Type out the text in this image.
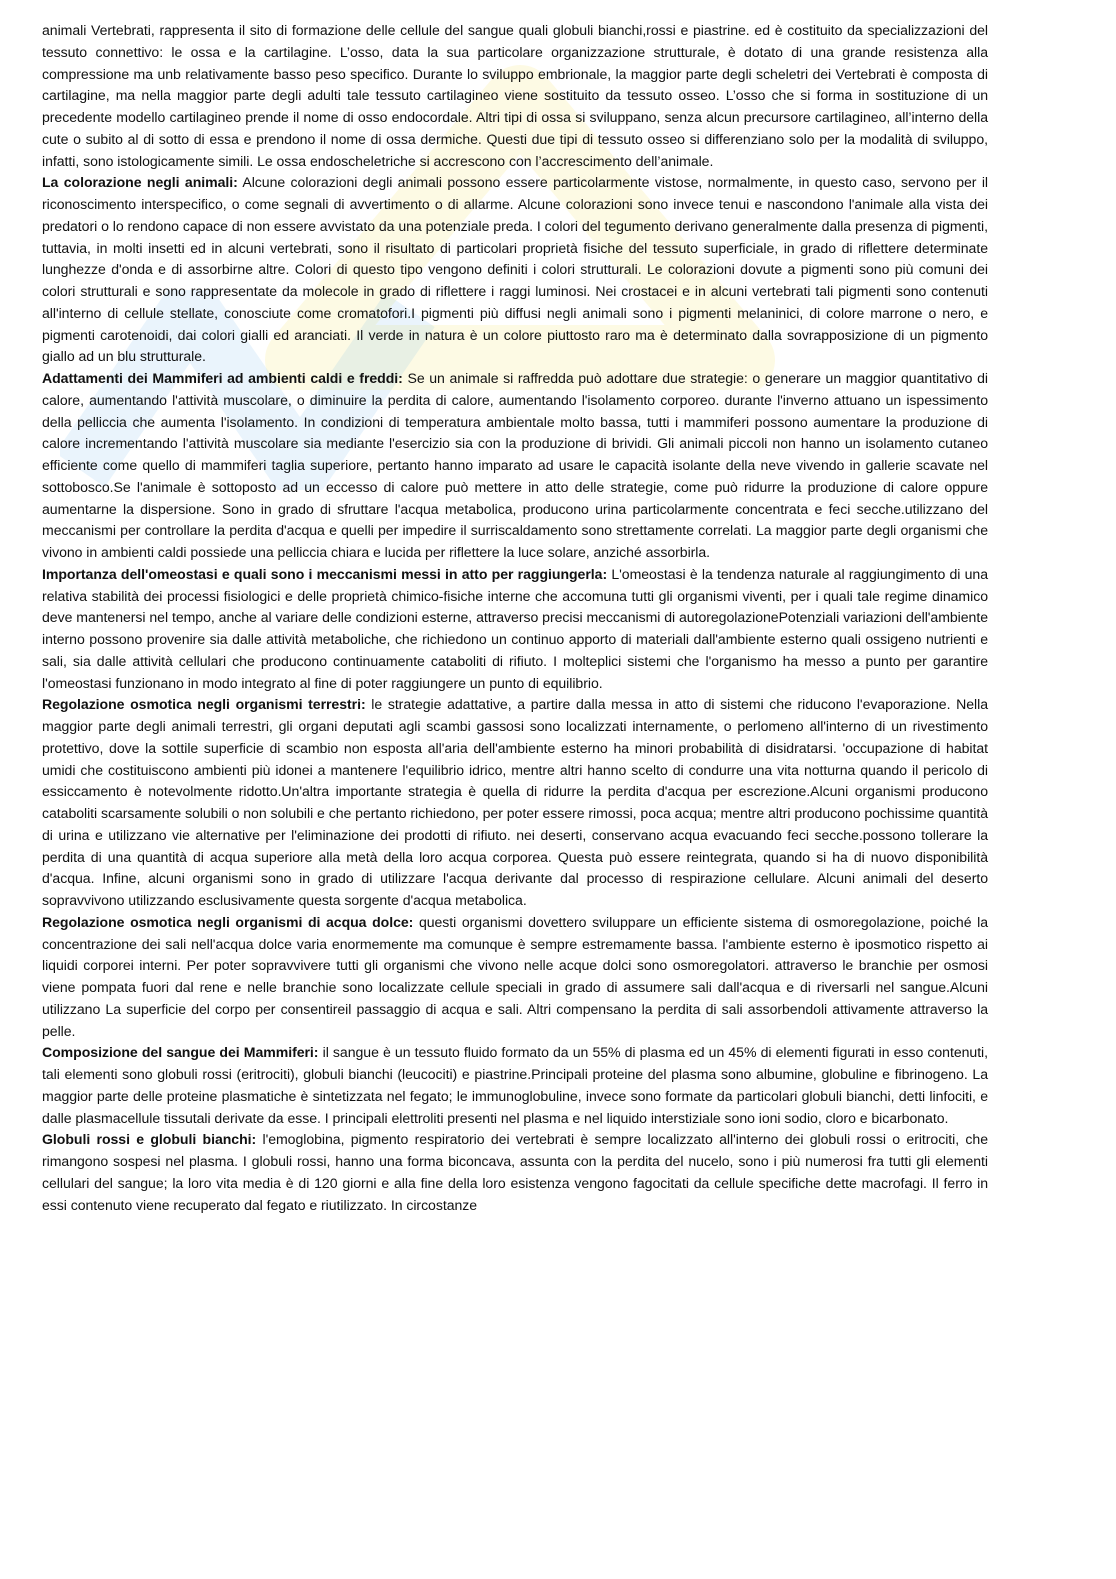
animali Vertebrati, rappresenta il sito di formazione delle cellule del sangue quali globuli bianchi,rossi e piastrine. ed è costituito da specializzazioni del tessuto connettivo: le ossa e la cartilagine. L’osso, data la sua particolare organizzazione strutturale, è dotato di una grande resistenza alla compressione ma unb relativamente basso peso specifico. Durante lo sviluppo embrionale, la maggior parte degli scheletri dei Vertebrati è composta di cartilagine, ma nella maggior parte degli adulti tale tessuto cartilagineo viene sostituito da tessuto osseo. L’osso che si forma in sostituzione di un precedente modello cartilagineo prende il nome di osso endocordale. Altri tipi di ossa si sviluppano, senza alcun precursore cartilagineo, all’interno della cute o subito al di sotto di essa e prendono il nome di ossa dermiche. Questi due tipi di tessuto osseo si differenziano solo per la modalità di sviluppo, infatti, sono istologicamente simili. Le ossa endoscheletriche si accrescono con l’accrescimento dell’animale.

La colorazione negli animali: Alcune colorazioni degli animali possono essere particolarmente vistose, normalmente, in questo caso, servono per il riconoscimento interspecifico, o come segnali di avvertimento o di allarme. Alcune colorazioni sono invece tenui e nascondono l'animale alla vista dei predatori o lo rendono capace di non essere avvistato da una potenziale preda. I colori del tegumento derivano generalmente dalla presenza di pigmenti, tuttavia, in molti insetti ed in alcuni vertebrati, sono il risultato di particolari proprietà fisiche del tessuto superficiale, in grado di riflettere determinate lunghezze d'onda e di assorbirne altre. Colori di questo tipo vengono definiti i colori strutturali. Le colorazioni dovute a pigmenti sono più comuni dei colori strutturali e sono rappresentate da molecole in grado di riflettere i raggi luminosi. Nei crostacei e in alcuni vertebrati tali pigmenti sono contenuti all'interno di cellule stellate, conosciute come cromatofori.I pigmenti più diffusi negli animali sono i pigmenti melaninici, di colore marrone o nero, e pigmenti carotenoidi, dai colori gialli ed aranciati. Il verde in natura è un colore piuttosto raro ma è determinato dalla sovrapposizione di un pigmento giallo ad un blu strutturale.

Adattamenti dei Mammiferi ad ambienti caldi e freddi: Se un animale si raffredda può adottare due strategie: o generare un maggior quantitativo di calore, aumentando l'attività muscolare, o diminuire la perdita di calore, aumentando l'isolamento corporeo. durante l'inverno attuano un ispessimento della pelliccia che aumenta l'isolamento. In condizioni di temperatura ambientale molto bassa, tutti i mammiferi possono aumentare la produzione di calore incrementando l'attività muscolare sia mediante l'esercizio sia con la produzione di brividi. Gli animali piccoli non hanno un isolamento cutaneo efficiente come quello di mammiferi taglia superiore, pertanto hanno imparato ad usare le capacità isolante della neve vivendo in gallerie scavate nel sottobosco.Se l'animale è sottoposto ad un eccesso di calore può mettere in atto delle strategie, come può ridurre la produzione di calore oppure aumentarne la dispersione. Sono in grado di sfruttare l'acqua metabolica, producono urina particolarmente concentrata e feci secche.utilizzano del meccanismi per controllare la perdita d'acqua e quelli per impedire il surriscaldamento sono strettamente correlati. La maggior parte degli organismi che vivono in ambienti caldi possiede una pelliccia chiara e lucida per riflettere la luce solare, anziché assorbirla.

Importanza dell'omeostasi e quali sono i meccanismi messi in atto per raggiungerla: L'omeostasi è la tendenza naturale al raggiungimento di una relativa stabilità dei processi fisiologici e delle proprietà chimico-fisiche interne che accomuna tutti gli organismi viventi, per i quali tale regime dinamico deve mantenersi nel tempo, anche al variare delle condizioni esterne, attraverso precisi meccanismi di autoregolazionePotenziali variazioni dell'ambiente interno possono provenire sia dalle attività metaboliche, che richiedono un continuo apporto di materiali dall'ambiente esterno quali ossigeno nutrienti e sali, sia dalle attività cellulari che producono continuamente cataboliti di rifiuto. I molteplici sistemi che l'organismo ha messo a punto per garantire l'omeostasi funzionano in modo integrato al fine di poter raggiungere un punto di equilibrio.

Regolazione osmotica negli organismi terrestri: le strategie adattative, a partire dalla messa in atto di sistemi che riducono l'evaporazione. Nella maggior parte degli animali terrestri, gli organi deputati agli scambi gassosi sono localizzati internamente, o perlomeno all'interno di un rivestimento protettivo, dove la sottile superficie di scambio non esposta all'aria dell'ambiente esterno ha minori probabilità di disidratarsi. 'occupazione di habitat umidi che costituiscono ambienti più idonei a mantenere l'equilibrio idrico, mentre altri hanno scelto di condurre una vita notturna quando il pericolo di essiccamento è notevolmente ridotto.Un'altra importante strategia è quella di ridurre la perdita d'acqua per escrezione.Alcuni organismi producono cataboliti scarsamente solubili o non solubili e che pertanto richiedono, per poter essere rimossi, poca acqua; mentre altri producono pochissime quantità di urina e utilizzano vie alternative per l'eliminazione dei prodotti di rifiuto. nei deserti, conservano acqua evacuando feci secche.possono tollerare la perdita di una quantità di acqua superiore alla metà della loro acqua corporea. Questa può essere reintegrata, quando si ha di nuovo disponibilità d'acqua. Infine, alcuni organismi sono in grado di utilizzare l'acqua derivante dal processo di respirazione cellulare. Alcuni animali del deserto sopravvivono utilizzando esclusivamente questa sorgente d'acqua metabolica.

Regolazione osmotica negli organismi di acqua dolce: questi organismi dovettero sviluppare un efficiente sistema di osmoregolazione, poiché la concentrazione dei sali nell'acqua dolce varia enormemente ma comunque è sempre estremamente bassa. l'ambiente esterno è iposmotico rispetto ai liquidi corporei interni. Per poter sopravvivere tutti gli organismi che vivono nelle acque dolci sono osmoregolatori. attraverso le branchie per osmosi viene pompata fuori dal rene e nelle branchie sono localizzate cellule speciali in grado di assumere sali dall'acqua e di riversarli nel sangue.Alcuni utilizzano La superficie del corpo per consentireil passaggio di acqua e sali. Altri compensano la perdita di sali assorbendoli attivamente attraverso la pelle.

Composizione del sangue dei Mammiferi: il sangue è un tessuto fluido formato da un 55% di plasma ed un 45% di elementi figurati in esso contenuti, tali elementi sono globuli rossi (eritrociti), globuli bianchi (leucociti) e piastrine.Principali proteine del plasma sono albumine, globuline e fibrinogeno. La maggior parte delle proteine plasmatiche è sintetizzata nel fegato; le immunoglobuline, invece sono formate da particolari globuli bianchi, detti linfociti, e dalle plasmacellule tissutali derivate da esse. I principali elettroliti presenti nel plasma e nel liquido interstiziale sono ioni sodio, cloro e bicarbonato.

Globuli rossi e globuli bianchi: l'emoglobina, pigmento respiratorio dei vertebrati è sempre localizzato all'interno dei globuli rossi o eritrociti, che rimangono sospesi nel plasma. I globuli rossi, hanno una forma biconcava, assunta con la perdita del nucelo, sono i più numerosi fra tutti gli elementi cellulari del sangue; la loro vita media è di 120 giorni e alla fine della loro esistenza vengono fagocitati da cellule specifiche dette macrofagi. Il ferro in essi contenuto viene recuperato dal fegato e riutilizzato. In circostanze
